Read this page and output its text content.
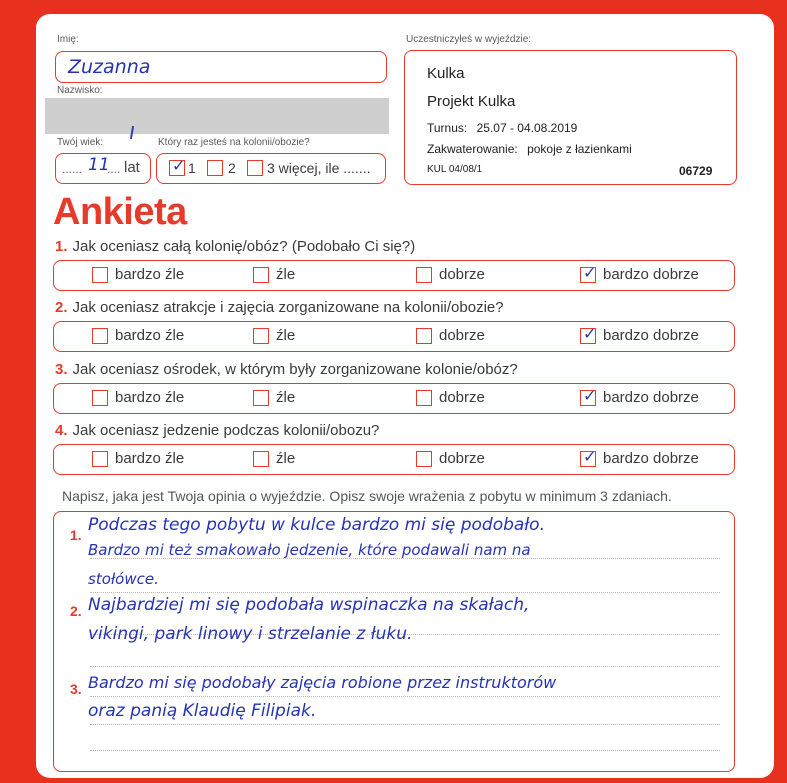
Imię:
Zuzanna
Nazwisko:
Twój wiek:
...... 11
.... lat
Który raz jesteś na kolonii/obozie?
✓ 1 2 3 więcej, ile .......
Uczestniczyłeś w wyjeździe:
Kulka
Projekt Kulka
Turnus: 25.07 - 04.08.2019
Zakwaterowanie: pokoje z łazienkami
KUL 04/08/1	06729
Ankieta
Napisz, jaka jest Twoja opinia o wyjeździe. Opisz swoje wrażenia z pobytu w minimum 3 zdaniach.
1. Podczas tego pobytu w kulce bardzo mi się podobało.
Bardzo mi też smakowało jedzenie, które podawali nam na
stołówce.
2. Najbardziej mi się podobała wspinaczka na skałach,
vikingi, park linowy i strzelanie z łuku.
3. Bardzo mi się podobały zajęcia robione przez instruktorów
oraz panią Klaudię Filipiak.
1. Jak oceniasz całą kolonię/obóz? (Podobało Ci się?)
bardzo źle	źle	dobrze	✓ bardzo dobrze
2. Jak oceniasz atrakcje i zajęcia zorganizowane na kolonii/obozie?
bardzo źle	źle	dobrze	✓ bardzo dobrze
3. Jak oceniasz ośrodek, w którym były zorganizowane kolonie/obóz?
bardzo źle	źle	dobrze	✓ bardzo dobrze
4. Jak oceniasz jedzenie podczas kolonii/obozu?
bardzo źle	źle	dobrze	✓ bardzo dobrze
